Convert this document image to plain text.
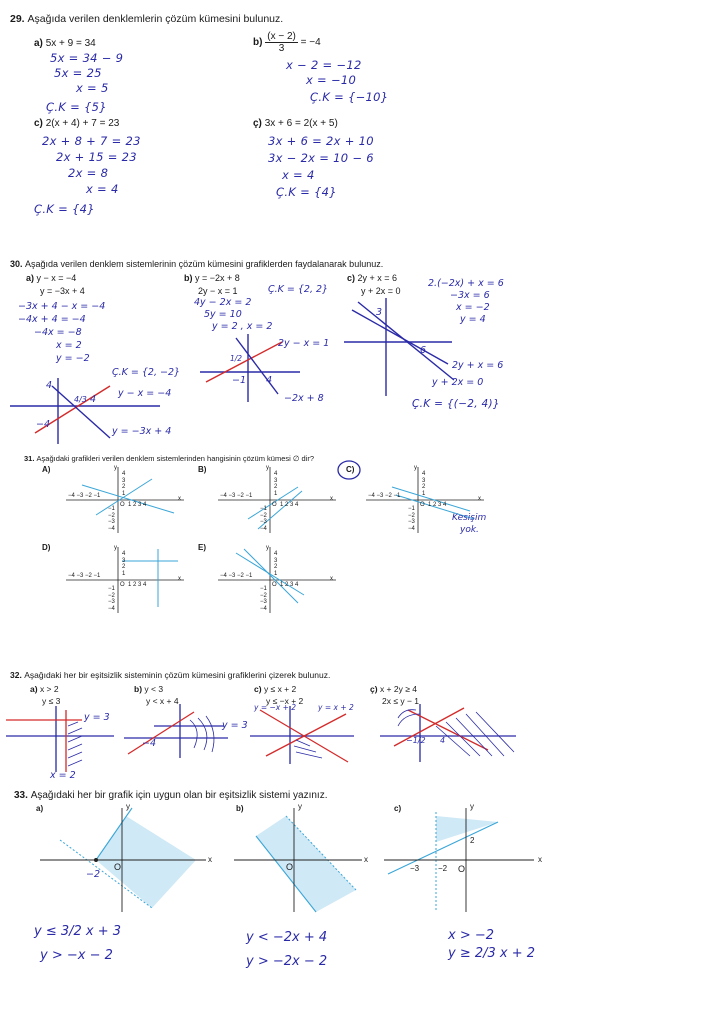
29. Aşağıda verilen denklemlerin çözüm kümesini bulunuz.
a) 5x + 9 = 34
5x = 34 − 9
5x = 25
x = 5
Ç.K = {5}
$b) \frac{(x - 2)}{3} = -4$
x − 2 = −12
x = −10
Ç.K = {−10}
c) 2(x + 4) + 7 = 23
2x + 8 + 7 = 23
2x + 15 = 23
2x = 8
x = 4
Ç.K = {4}
ç) 3x + 6 = 2(x + 5)
3x + 6 = 2x + 10
3x − 2x = 10 − 6
x = 4
Ç.K = {4}
30. Aşağıda verilen denklem sistemlerinin çözüm kümesini grafiklerden faydalanarak bulunuz.
a) y − x = −4
y = −3x + 4
−3x + 4 − x = −4
−4x + 4 = −4
−4x = −8
x = 2
y = −2
Ç.K = {2, −2}
4
4/3 4
−4
y − x = −4
y = −3x + 4
b) y = −2x + 8
2y − x = 1
4y − 2x = 2
5y = 10
y = 2 , x = 2
Ç.K = {2, 2}
1/2
−1 4
2y − x = 1
−2x + 8
c) 2y + x = 6
y + 2x = 0
2.(−2x) + x = 6
−3x = 6
x = −2
y = 4
3
6
2y + x = 6
y + 2x = 0
Ç.K = {(−2, 4)}
31. Aşağıdaki grafikleri verilen denklem sistemlerinden hangisinin çözüm kümesi ∅ dir?
A)	B)	C)
D)	E)
−4 −3 −2 −1
O 1 2 3 4
x
y
4
3
2
1
−1
−2
−3
−4
−4 −3 −2 −1
O 1 2 3 4
x
y
4
3
2
1
−1
−2
−3
−4
−4 −3 −2 −1
O 1 2 3 4
x
y
4
3
2
1
−1
−2
−3
−4
Kesişim
yok.
−4 −3 −2 −1
O 1 2 3 4
x
y
4
3
2
1
−1
−2
−3
−4
−4 −3 −2 −1
O 1 2 3 4
x
y
4
3
2
1
−1
−2
−3
−4
32. Aşağıdaki her bir eşitsizlik sisteminin çözüm kümesini grafiklerini çizerek bulunuz.
a) x > 2
y ≤ 3
y = 3
x = 2
b) y < 3
y < x + 4
y = 3
−4
c) y ≤ x + 2
y ≤ −x + 2
y = −x + 2	y = x + 2
ç) x + 2y ≥ 4
2x ≤ y − 1
−1/2 4
33. Aşağıdaki her bir grafik için uygun olan bir eşitsizlik sistemi yazınız.
a)
x
y
O
−2
y ≤ 3/2 x + 3
y > −x − 2
b)
x
y
O
y < −2x + 4
y > −2x − 2
c)
x
y
O
−3 −2
2
x > −2
y ≥ 2/3 x + 2
